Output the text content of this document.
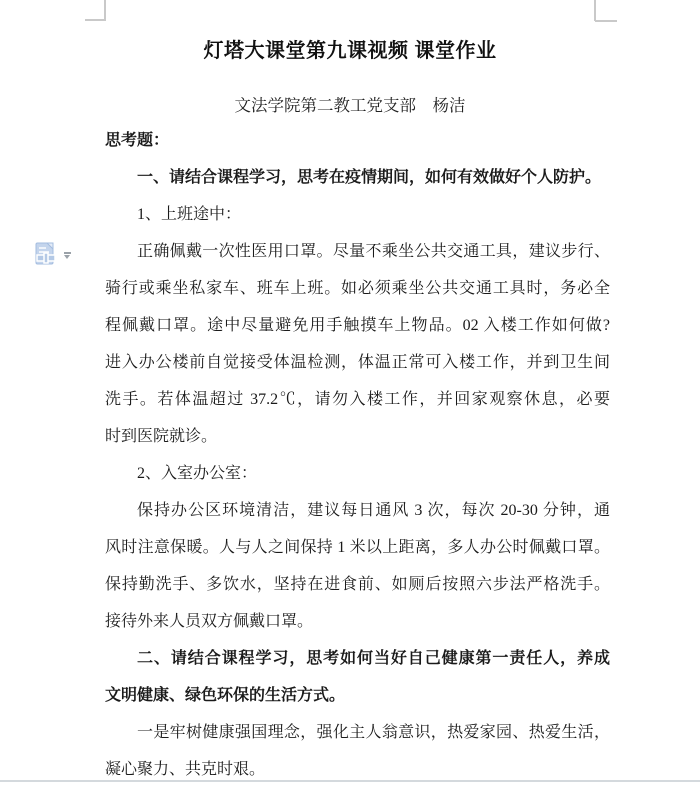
灯塔大课堂第九课视频 课堂作业
文法学院第二教工党支部　杨洁
思考题：
一、请结合课程学习，思考在疫情期间，如何有效做好个人防护。
1、上班途中：
正确佩戴一次性医用口罩。尽量不乘坐公共交通工具，建议步行、
骑行或乘坐私家车、班车上班。如必须乘坐公共交通工具时，务必全
程佩戴口罩。途中尽量避免用手触摸车上物品。02 入楼工作如何做?
进入办公楼前自觉接受体温检测，体温正常可入楼工作，并到卫生间
洗手。若体温超过 37.2℃，请勿入楼工作，并回家观察休息，必要
时到医院就诊。
2、入室办公室：
保持办公区环境清洁，建议每日通风 3 次，每次 20-30 分钟，通
风时注意保暖。人与人之间保持 1 米以上距离，多人办公时佩戴口罩。
保持勤洗手、多饮水，坚持在进食前、如厕后按照六步法严格洗手。
接待外来人员双方佩戴口罩。
二、请结合课程学习，思考如何当好自己健康第一责任人，养成
文明健康、绿色环保的生活方式。
一是牢树健康强国理念，强化主人翁意识，热爱家园、热爱生活，
凝心聚力、共克时艰。
